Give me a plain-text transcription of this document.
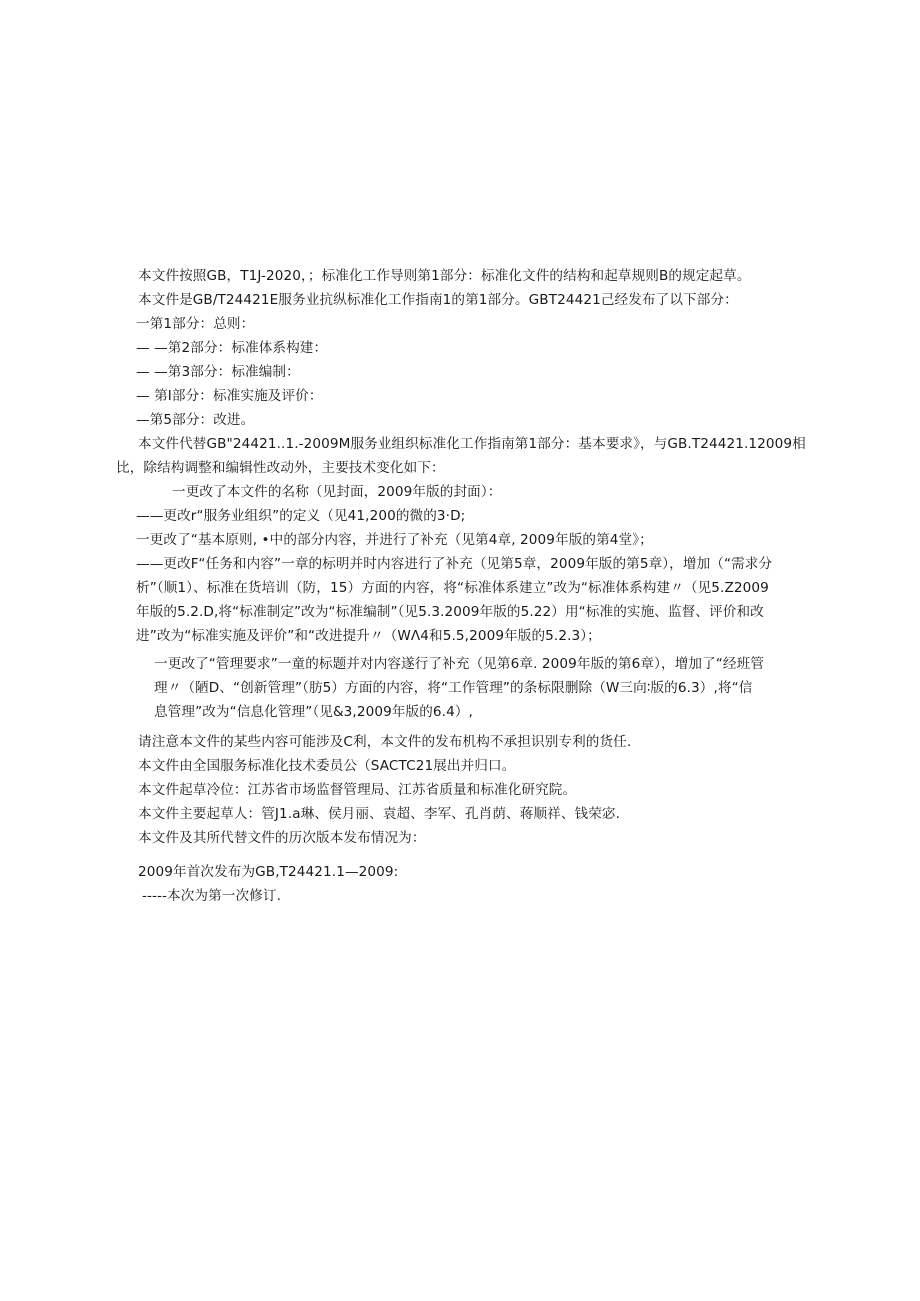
本文件按照GB，T1J-2020，；标准化工作导则第1部分：标准化文件的结构和起草规则B的规定起草。
本文件是GB/T24421E服务业抗纵标准化工作指南1的第1部分。GBT24421己经发布了以下部分：
一第1部分：总则：
— —第2部分：标准体系构建：
— —第3部分：标准编制：
— 第I部分：标准实施及评价：
—第5部分：改进。
本文件代替GB"24421..1.-2009M服务业组织标准化工作指南第1部分：基本要求》，与GB.T24421.12009相
比，除结构调整和编辑性改动外，主要技术变化如下：
一更改了本文件的名称（见封面，2009年版的封面）：
——更改r“服务业组织”的定义（见41,200的微的3·D;
一更改了“基本原则, •中的部分内容，并进行了补充（见第4章, 2009年版的第4堂》；
——更改F“任务和内容”一章的标明并时内容进行了补充（见第5章，2009年版的第5章），增加（“需求分
析”（顺1）、标准在货培训（防，15）方面的内容，将“标准体系建立”改为“标准体系构建〃（见5.Z2009
年版的5.2.D,将“标准制定”改为“标准编制”（见5.3.2009年版的5.22）用“标准的实施、监督、评价和改
进”改为“标准实施及评价”和“改进提升〃（WΛ4和5.5,2009年版的5.2.3）；
一更改了“管理要求”一童的标题并对内容遂行了补充（见第6章. 2009年版的第6章），增加了“经班管
理〃（陋D、“创新管理”（肪5）方面的内容，将“工作管理”的条标限删除（W三向∶版的6.3）,将“信
息管理”改为“信息化管理”（见&3,2009年版的6.4）,
请注意本文件的某些内容可能涉及C利，本文件的发布机构不承担识别专利的货任.
本文件由全国服务标准化技术委员公（SACTC21展出并归口。
本文件起草冷位：江苏省市场监督管理局、江苏省质量和标准化研究院。
本文件主要起草人：管J1.a琳、侯月丽、袁超、李军、孔肖荫、蒋顺祥、钱荣宓.
本文件及其所代替文件的历次版本发布情况为：
2009年首次发布为GB,T24421.1—2009:
-----本次为第一次修订.
